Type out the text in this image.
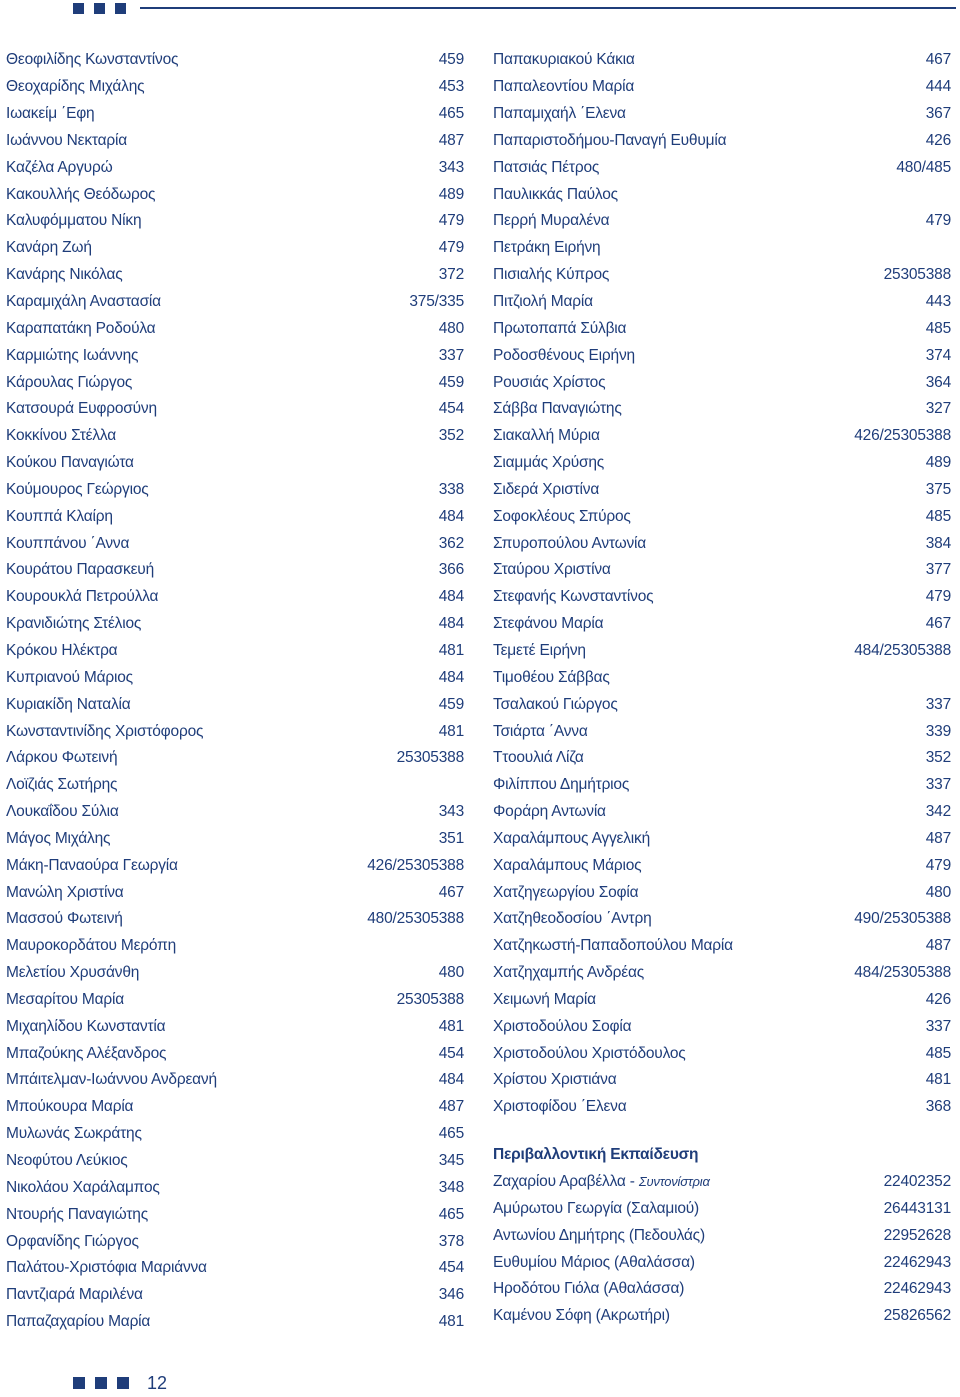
Θεοφιλίδης Κωνσταντίνος	459
Θεοχαρίδης Μιχάλης	453
Ιωακείμ ΄Εφη	465
Ιωάννου Νεκταρία	487
Καζέλα Αργυρώ	343
Κακουλλής Θεόδωρος	489
Καλυφόμματου Νίκη	479
Κανάρη Ζωή	479
Κανάρης Νικόλας	372
Καραμιχάλη Αναστασία	375/335
Καραπατάκη Ροδούλα	480
Καρμιώτης Ιωάννης	337
Κάρουλας Γιώργος	459
Κατσουρά Ευφροσύνη	454
Κοκκίνου Στέλλα	352
Κούκου Παναγιώτα
Κούμουρος Γεώργιος	338
Κουππά Κλαίρη	484
Κουππάνου ΄Αννα	362
Κουράτου Παρασκευή	366
Κουρουκλά Πετρούλλα	484
Κρανιδιώτης Στέλιος	484
Κρόκου Ηλέκτρα	481
Κυπριανού Μάριος	484
Κυριακίδη Ναταλία	459
Κωνσταντινίδης Χριστόφορος	481
Λάρκου Φωτεινή	25305388
Λοϊζιάς Σωτήρης
Λουκαΐδου Σύλια	343
Μάγος Μιχάλης	351
Μάκη-Παναούρα Γεωργία	426/25305388
Μανώλη Χριστίνα	467
Μασσού Φωτεινή	480/25305388
Μαυροκορδάτου Μερόπη
Μελετίου Χρυσάνθη	480
Μεσαρίτου Μαρία	25305388
Μιχαηλίδου Κωνσταντία	481
Μπαζούκης Αλέξανδρος	454
Μπάιτελμαν-Ιωάννου Ανδρεανή	484
Μπούκουρα Μαρία	487
Μυλωνάς Σωκράτης	465
Νεοφύτου Λεύκιος	345
Νικολάου Χαράλαμπος	348
Ντουρής Παναγιώτης	465
Ορφανίδης Γιώργος	378
Παλάτου-Χριστόφια Μαριάννα	454
Παντζιαρά Μαριλένα	346
Παπαζαχαρίου Μαρία	481
Παπακυριακού Κάκια	467
Παπαλεοντίου Μαρία	444
Παπαμιχαήλ ΄Ελενα	367
Παπαριστοδήμου-Παναγή Ευθυμία	426
Πατσιάς Πέτρος	480/485
Παυλικκάς Παύλος
Περρή Μυραλένα	479
Πετράκη Ειρήνη
Πισιαλής Κύπρος	25305388
Πιτζιολή Μαρία	443
Πρωτοπαπά Σύλβια	485
Ροδοσθένους Ειρήνη	374
Ρουσιάς Χρίστος	364
Σάββα Παναγιώτης	327
Σιακαλλή Μύρια	426/25305388
Σιαμμάς Χρύσης	489
Σιδερά Χριστίνα	375
Σοφοκλέους Σπύρος	485
Σπυροπούλου Αντωνία	384
Σταύρου Χριστίνα	377
Στεφανής Κωνσταντίνος	479
Στεφάνου Μαρία	467
Τεμετέ Ειρήνη	484/25305388
Τιμοθέου Σάββας
Τσαλακού Γιώργος	337
Τσιάρτα ΄Αννα	339
Ττοουλιά Λίζα	352
Φιλίππου Δημήτριος	337
Φοράρη Αντωνία	342
Χαραλάμπους Αγγελική	487
Χαραλάμπους Μάριος	479
Χατζηγεωργίου Σοφία	480
Χατζηθεοδοσίου ΄Αντρη	490/25305388
Χατζηκωστή-Παπαδοπούλου Μαρία	487
Χατζηχαμπής Ανδρέας	484/25305388
Χειμωνή Μαρία	426
Χριστοδούλου Σοφία	337
Χριστοδούλου Χριστόδουλος	485
Χρίστου Χριστιάνα	481
Χριστοφίδου ΄Ελενα	368
Περιβαλλοντική Εκπαίδευση
Ζαχαρίου Αραβέλλα - Συντονίστρια	22402352
Αμύρωτου Γεωργία (Σαλαμιού)	26443131
Αντωνίου Δημήτρης (Πεδουλάς)	22952628
Ευθυμίου Μάριος (Αθαλάσσα)	22462943
Ηροδότου Γιόλα (Αθαλάσσα)	22462943
Καμένου Σόφη (Ακρωτήρι)	25826562
12
